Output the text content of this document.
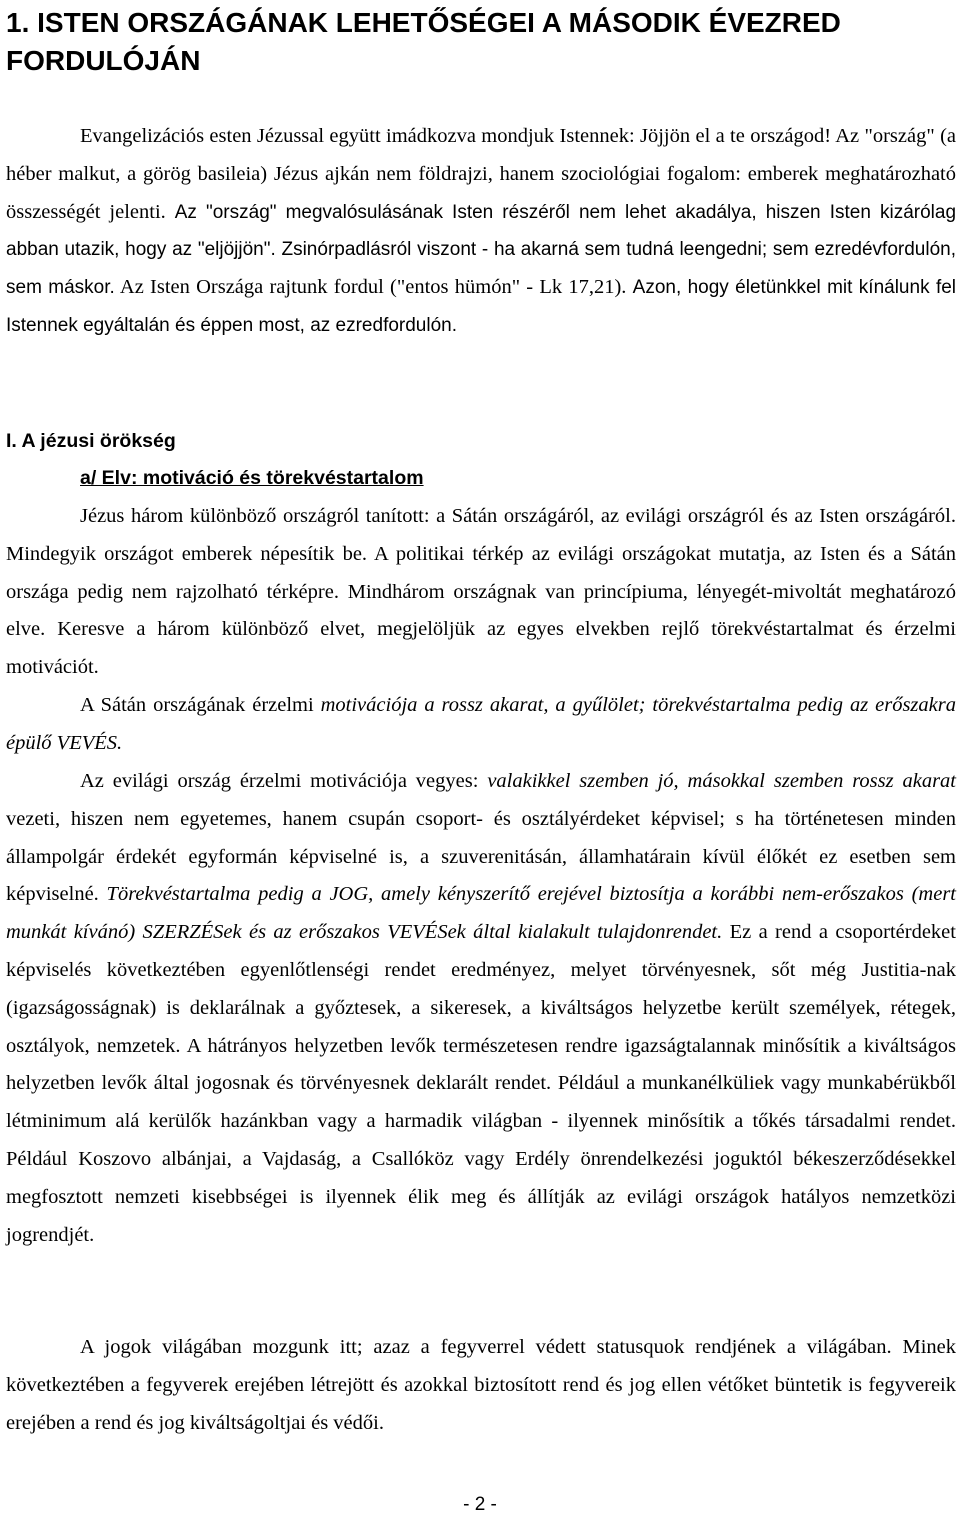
1. ISTEN ORSZÁGÁNAK LEHETŐSÉGEI A MÁSODIK ÉVEZRED FORDULÓJÁN

Evangelizációs esten Jézussal együtt imádkozva mondjuk Istennek: Jöjjön el a te országod! Az "ország" (a héber malkut, a görög basileia) Jézus ajkán nem földrajzi, hanem szociológiai fogalom: emberek meghatározható összességét jelenti. Az "ország" megvalósulásának Isten részéről nem lehet akadálya, hiszen Isten kizárólag abban utazik, hogy az "eljöjjön". Zsinórpadlásról viszont - ha akarná sem tudná leengedni; sem ezredévfordulón, sem máskor. Az Isten Országa rajtunk fordul ("entos hümón" - Lk 17,21). Azon, hogy életünkkel mit kínálunk fel Istennek egyáltalán és éppen most, az ezredfordulón.

I. A jézusi örökség
a/ Elv: motiváció és törekvéstartalom

Jézus három különböző országról tanított: a Sátán országáról, az evilági országról és az Isten országáról. Mindegyik országot emberek népesítik be. A politikai térkép az evilági országokat mutatja, az Isten és a Sátán országa pedig nem rajzolható térképre. Mindhárom országnak van princípiuma, lényegét-mivoltát meghatározó elve. Keresve a három különböző elvet, megjelöljük az egyes elvekben rejlő törekvéstartalmat és érzelmi motivációt.

A Sátán országának érzelmi motivációja a rossz akarat, a gyűlölet; törekvéstartalma pedig az erőszakra épülő VEVÉS.

Az evilági ország érzelmi motivációja vegyes: valakikkel szemben jó, másokkal szemben rossz akarat vezeti, hiszen nem egyetemes, hanem csupán csoport- és osztályérdeket képvisel; s ha történetesen minden állampolgár érdekét egyformán képviselné is, a szuverenitásán, államhatárain kívül élőkét ez esetben sem képviselné. Törekvéstartalma pedig a JOG, amely kényszerítő erejével biztosítja a korábbi nem-erőszakos (mert munkát kívánó) SZERZÉSek és az erőszakos VEVÉSek által kialakult tulajdonrendet. Ez a rend a csoportérdeket képviselés következtében egyenlőtlenségi rendet eredményez, melyet törvényesnek, sőt még Justitia-nak (igazságosságnak) is deklarálnak a győztesek, a sikeresek, a kiváltságos helyzetbe került személyek, rétegek, osztályok, nemzetek. A hátrányos helyzetben levők természetesen rendre igazságtalannak minősítik a kiváltságos helyzetben levők által jogosnak és törvényesnek deklarált rendet. Például a munkanélküliek vagy munkabérükből létminimum alá kerülők hazánkban vagy a harmadik világban - ilyennek minősítik a tőkés társadalmi rendet. Például Koszovo albánjai, a Vajdaság, a Csallóköz vagy Erdély önrendelkezési joguktól békeszerződésekkel megfosztott nemzeti kisebbségei is ilyennek élik meg és állítják az evilági országok hatályos nemzetközi jogrendjét.

A jogok világában mozgunk itt; azaz a fegyverrel védett statusquok rendjének a világában. Minek következtében a fegyverek erejében létrejött és azokkal biztosított rend és jog ellen vétőket büntetik is fegyvereik erejében a rend és jog kiváltságoltjai és védői.

- 2 -
